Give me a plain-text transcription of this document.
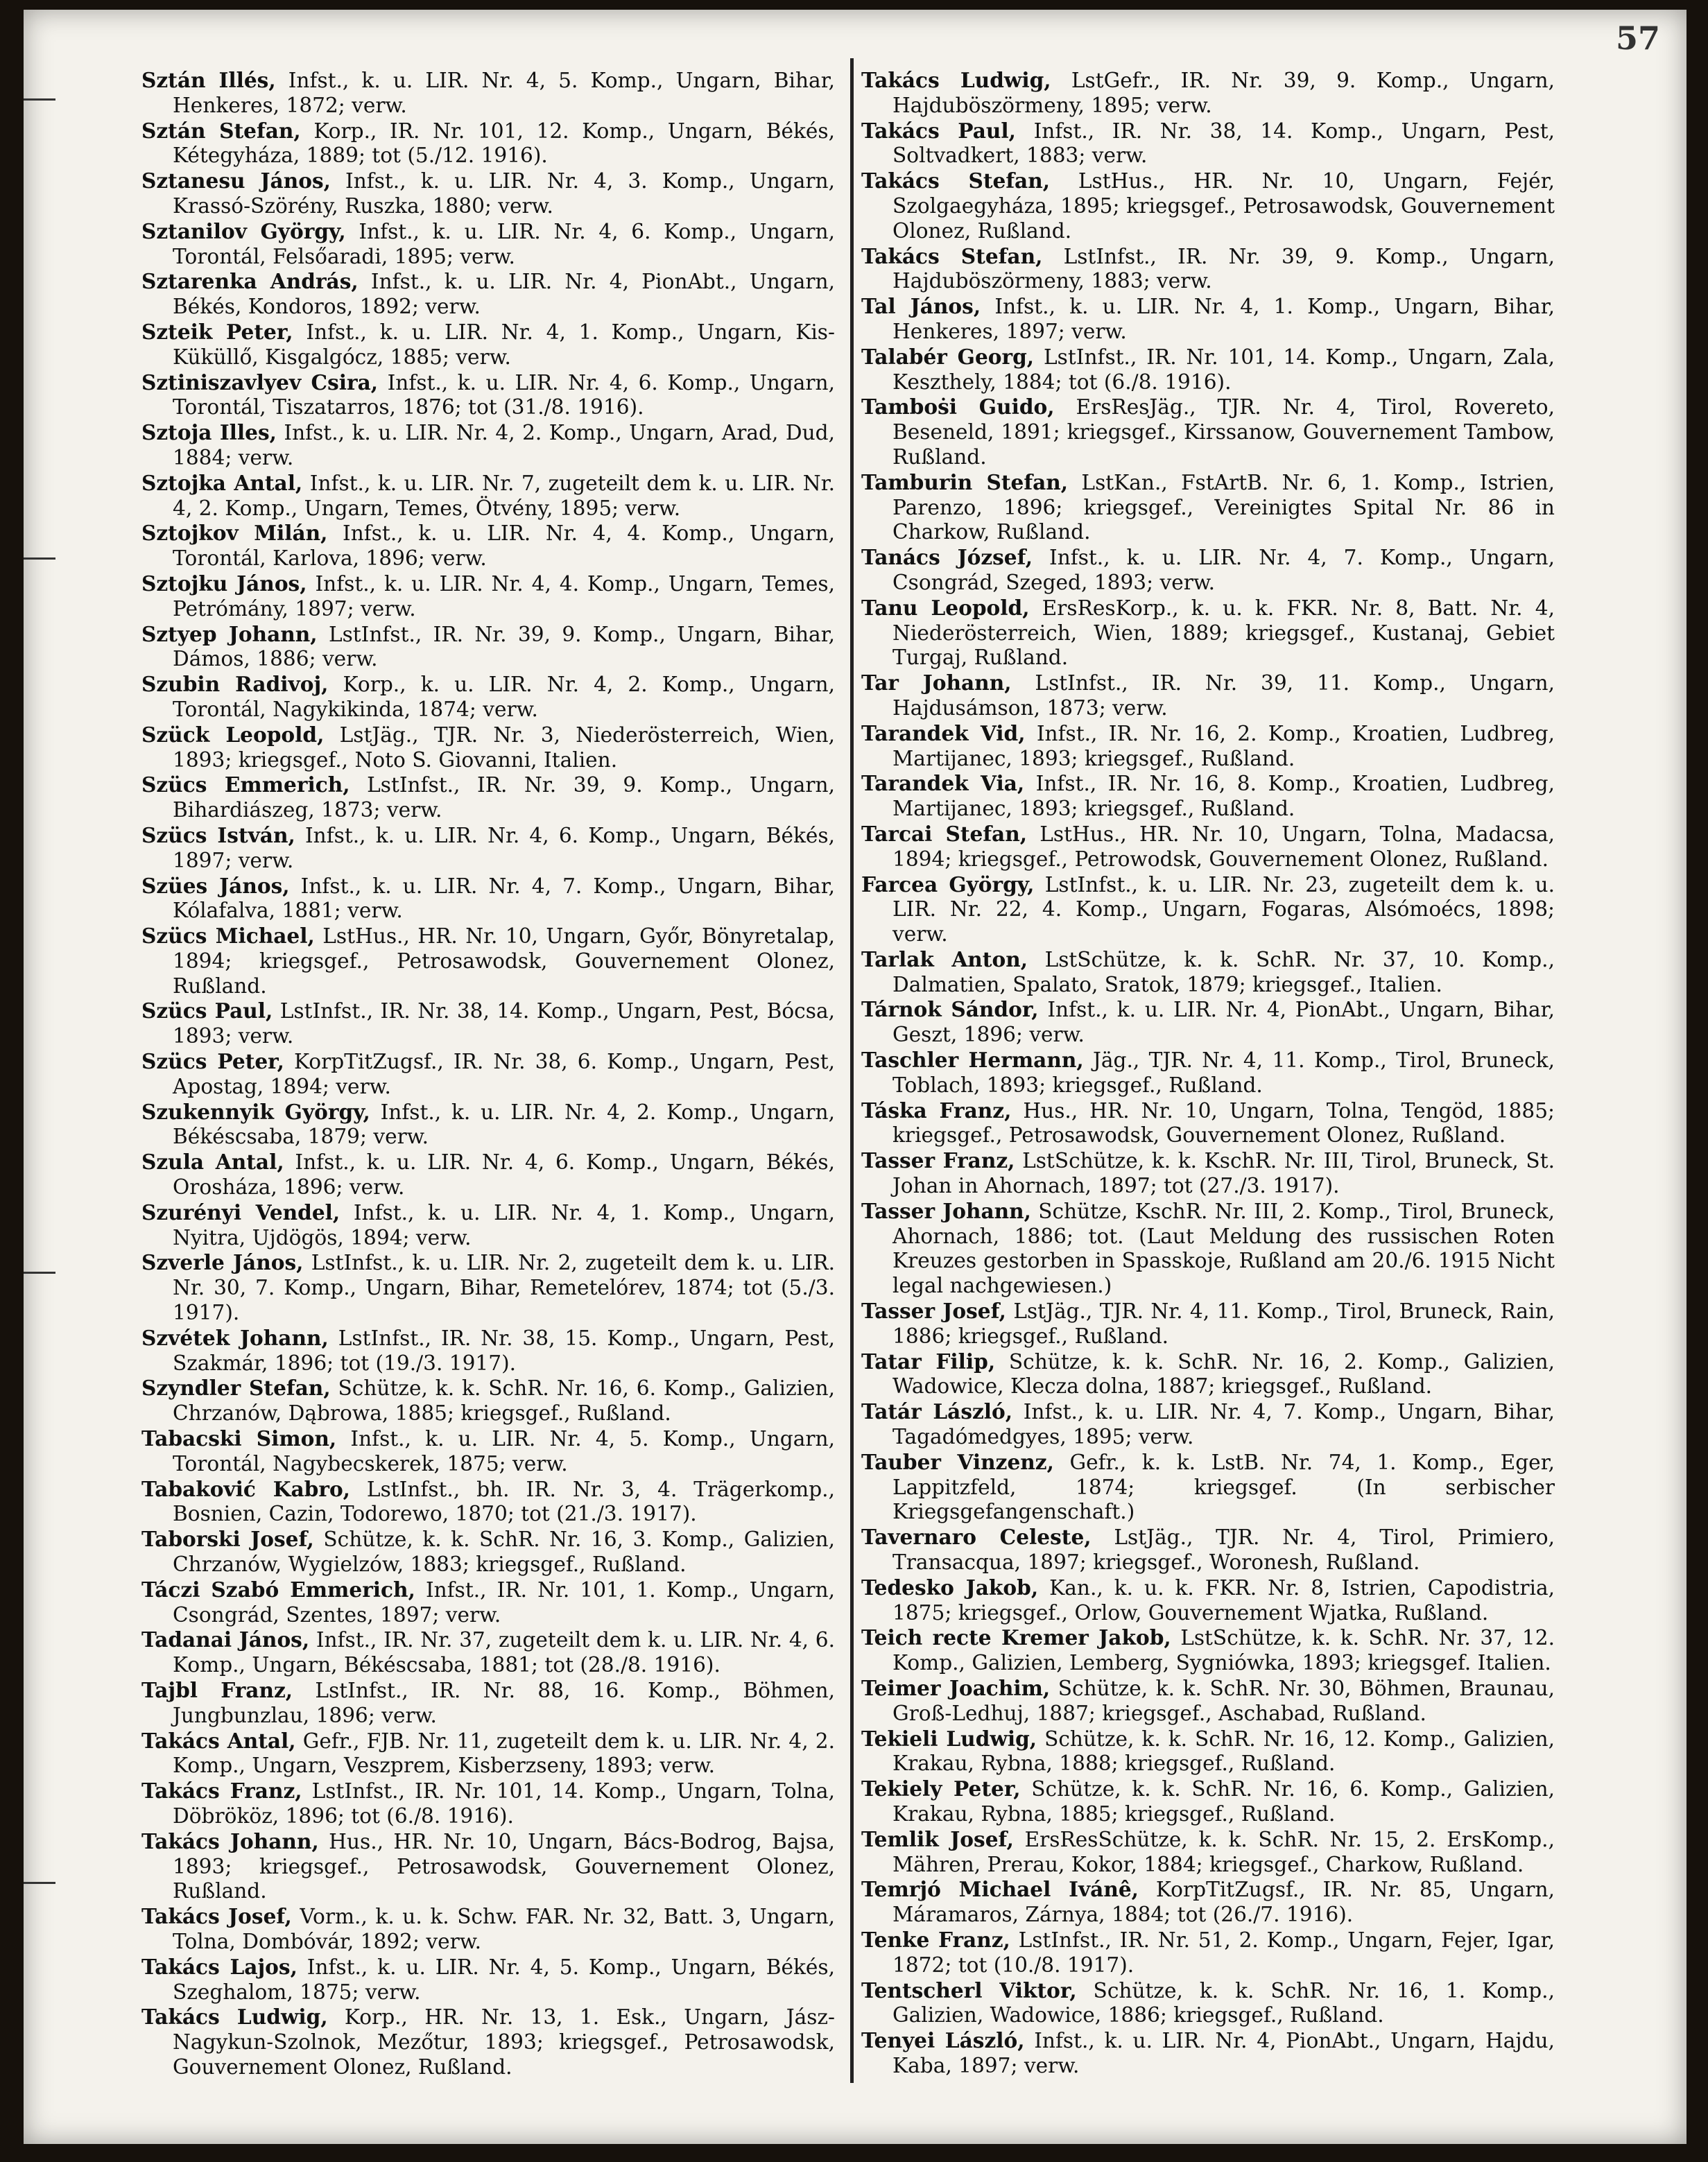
57

Sztán Illés, Infst., k. u. LIR. Nr. 4, 5. Komp., Ungarn, Bihar, Henkeres, 1872; verw.

Sztán Stefan, Korp., IR. Nr. 101, 12. Komp., Ungarn, Békés, Kétegyháza, 1889; tot (5./12. 1916).

Sztanesu János, Infst., k. u. LIR. Nr. 4, 3. Komp., Ungarn, Krassó-Szörény, Ruszka, 1880; verw.

Sztanilov György, Infst., k. u. LIR. Nr. 4, 6. Komp., Ungarn, Torontál, Felsőaradi, 1895; verw.

Sztarenka András, Infst., k. u. LIR. Nr. 4, PionAbt., Ungarn, Békés, Kondoros, 1892; verw.

Szteik Peter, Infst., k. u. LIR. Nr. 4, 1. Komp., Ungarn, Kis-Küküllő, Kisgalgócz, 1885; verw.

Sztiniszavlyev Csira, Infst., k. u. LIR. Nr. 4, 6. Komp., Ungarn, Torontál, Tiszatarros, 1876; tot (31./8. 1916).

Sztoja Illes, Infst., k. u. LIR. Nr. 4, 2. Komp., Ungarn, Arad, Dud, 1884; verw.

Sztojka Antal, Infst., k. u. LIR. Nr. 7, zugeteilt dem k. u. LIR. Nr. 4, 2. Komp., Ungarn, Temes, Ötvény, 1895; verw.

Sztojkov Milán, Infst., k. u. LIR. Nr. 4, 4. Komp., Ungarn, Torontál, Karlova, 1896; verw.

Sztojku János, Infst., k. u. LIR. Nr. 4, 4. Komp., Ungarn, Temes, Petrómány, 1897; verw.

Sztyep Johann, LstInfst., IR. Nr. 39, 9. Komp., Ungarn, Bihar, Dámos, 1886; verw.

Szubin Radivoj, Korp., k. u. LIR. Nr. 4, 2. Komp., Ungarn, Torontál, Nagykikinda, 1874; verw.

Szück Leopold, LstJäg., TJR. Nr. 3, Niederösterreich, Wien, 1893; kriegsgef., Noto S. Giovanni, Italien.

Szücs Emmerich, LstInfst., IR. Nr. 39, 9. Komp., Ungarn, Bihardiászeg, 1873; verw.

Szücs István, Infst., k. u. LIR. Nr. 4, 6. Komp., Ungarn, Békés, 1897; verw.

Szües János, Infst., k. u. LIR. Nr. 4, 7. Komp., Ungarn, Bihar, Kólafalva, 1881; verw.

Szücs Michael, LstHus., HR. Nr. 10, Ungarn, Győr, Bönyretalap, 1894; kriegsgef., Petrosawodsk, Gouvernement Olonez, Rußland.

Szücs Paul, LstInfst., IR. Nr. 38, 14. Komp., Ungarn, Pest, Bócsa, 1893; verw.

Szücs Peter, KorpTitZugsf., IR. Nr. 38, 6. Komp., Ungarn, Pest, Apostag, 1894; verw.

Szukennyik György, Infst., k. u. LIR. Nr. 4, 2. Komp., Ungarn, Békéscsaba, 1879; verw.

Szula Antal, Infst., k. u. LIR. Nr. 4, 6. Komp., Ungarn, Békés, Orosháza, 1896; verw.

Szurényi Vendel, Infst., k. u. LIR. Nr. 4, 1. Komp., Ungarn, Nyitra, Ujdögös, 1894; verw.

Szverle János, LstInfst., k. u. LIR. Nr. 2, zugeteilt dem k. u. LIR. Nr. 30, 7. Komp., Ungarn, Bihar, Remetelórev, 1874; tot (5./3. 1917).

Szvétek Johann, LstInfst., IR. Nr. 38, 15. Komp., Ungarn, Pest, Szakmár, 1896; tot (19./3. 1917).

Szyndler Stefan, Schütze, k. k. SchR. Nr. 16, 6. Komp., Galizien, Chrzanów, Dąbrowa, 1885; kriegsgef., Rußland.

Tabacski Simon, Infst., k. u. LIR. Nr. 4, 5. Komp., Ungarn, Torontál, Nagybecskerek, 1875; verw.

Tabaković Kabro, LstInfst., bh. IR. Nr. 3, 4. Trägerkomp., Bosnien, Cazin, Todorewo, 1870; tot (21./3. 1917).

Taborski Josef, Schütze, k. k. SchR. Nr. 16, 3. Komp., Galizien, Chrzanów, Wygielzów, 1883; kriegsgef., Rußland.

Táczi Szabó Emmerich, Infst., IR. Nr. 101, 1. Komp., Ungarn, Csongrád, Szentes, 1897; verw.

Tadanai János, Infst., IR. Nr. 37, zugeteilt dem k. u. LIR. Nr. 4, 6. Komp., Ungarn, Békéscsaba, 1881; tot (28./8. 1916).

Tajbl Franz, LstInfst., IR. Nr. 88, 16. Komp., Böhmen, Jungbunzlau, 1896; verw.

Takács Antal, Gefr., FJB. Nr. 11, zugeteilt dem k. u. LIR. Nr. 4, 2. Komp., Ungarn, Veszprem, Kisberzseny, 1893; verw.

Takács Franz, LstInfst., IR. Nr. 101, 14. Komp., Ungarn, Tolna, Döbrököz, 1896; tot (6./8. 1916).

Takács Johann, Hus., HR. Nr. 10, Ungarn, Bács-Bodrog, Bajsa, 1893; kriegsgef., Petrosawodsk, Gouvernement Olonez, Rußland.

Takács Josef, Vorm., k. u. k. Schw. FAR. Nr. 32, Batt. 3, Ungarn, Tolna, Dombóvár, 1892; verw.

Takács Lajos, Infst., k. u. LIR. Nr. 4, 5. Komp., Ungarn, Békés, Szeghalom, 1875; verw.

Takács Ludwig, Korp., HR. Nr. 13, 1. Esk., Ungarn, Jász-Nagykun-Szolnok, Mezőtur, 1893; kriegsgef., Petrosawodsk, Gouvernement Olonez, Rußland.

Takács Ludwig, LstGefr., IR. Nr. 39, 9. Komp., Ungarn, Hajduböszörmeny, 1895; verw.

Takács Paul, Infst., IR. Nr. 38, 14. Komp., Ungarn, Pest, Soltvadkert, 1883; verw.

Takács Stefan, LstHus., HR. Nr. 10, Ungarn, Fejér, Szolgaegyháza, 1895; kriegsgef., Petrosawodsk, Gouvernement Olonez, Rußland.

Takács Stefan, LstInfst., IR. Nr. 39, 9. Komp., Ungarn, Hajduböszörmeny, 1883; verw.

Tal János, Infst., k. u. LIR. Nr. 4, 1. Komp., Ungarn, Bihar, Henkeres, 1897; verw.

Talabér Georg, LstInfst., IR. Nr. 101, 14. Komp., Ungarn, Zala, Keszthely, 1884; tot (6./8. 1916).

Tamboṡi Guido, ErsResJäg., TJR. Nr. 4, Tirol, Rovereto, Beseneld, 1891; kriegsgef., Kirssanow, Gouvernement Tambow, Rußland.

Tamburin Stefan, LstKan., FstArtB. Nr. 6, 1. Komp., Istrien, Parenzo, 1896; kriegsgef., Vereinigtes Spital Nr. 86 in Charkow, Rußland.

Tanács József, Infst., k. u. LIR. Nr. 4, 7. Komp., Ungarn, Csongrád, Szeged, 1893; verw.

Tanu Leopold, ErsResKorp., k. u. k. FKR. Nr. 8, Batt. Nr. 4, Niederösterreich, Wien, 1889; kriegsgef., Kustanaj, Gebiet Turgaj, Rußland.

Tar Johann, LstInfst., IR. Nr. 39, 11. Komp., Ungarn, Hajdusámson, 1873; verw.

Tarandek Vid, Infst., IR. Nr. 16, 2. Komp., Kroatien, Ludbreg, Martijanec, 1893; kriegsgef., Rußland.

Tarandek Via, Infst., IR. Nr. 16, 8. Komp., Kroatien, Ludbreg, Martijanec, 1893; kriegsgef., Rußland.

Tarcai Stefan, LstHus., HR. Nr. 10, Ungarn, Tolna, Madacsa, 1894; kriegsgef., Petrowodsk, Gouvernement Olonez, Rußland.

Farcea György, LstInfst., k. u. LIR. Nr. 23, zugeteilt dem k. u. LIR. Nr. 22, 4. Komp., Ungarn, Fogaras, Alsómoécs, 1898; verw.

Tarlak Anton, LstSchütze, k. k. SchR. Nr. 37, 10. Komp., Dalmatien, Spalato, Sratok, 1879; kriegsgef., Italien.

Tárnok Sándor, Infst., k. u. LIR. Nr. 4, PionAbt., Ungarn, Bihar, Geszt, 1896; verw.

Taschler Hermann, Jäg., TJR. Nr. 4, 11. Komp., Tirol, Bruneck, Toblach, 1893; kriegsgef., Rußland.

Táska Franz, Hus., HR. Nr. 10, Ungarn, Tolna, Tengöd, 1885; kriegsgef., Petrosawodsk, Gouvernement Olonez, Rußland.

Tasser Franz, LstSchütze, k. k. KschR. Nr. III, Tirol, Bruneck, St. Johan in Ahornach, 1897; tot (27./3. 1917).

Tasser Johann, Schütze, KschR. Nr. III, 2. Komp., Tirol, Bruneck, Ahornach, 1886; tot. (Laut Meldung des russischen Roten Kreuzes gestorben in Spasskoje, Rußland am 20./6. 1915 Nicht legal nachgewiesen.)

Tasser Josef, LstJäg., TJR. Nr. 4, 11. Komp., Tirol, Bruneck, Rain, 1886; kriegsgef., Rußland.

Tatar Filip, Schütze, k. k. SchR. Nr. 16, 2. Komp., Galizien, Wadowice, Klecza dolna, 1887; kriegsgef., Rußland.

Tatár László, Infst., k. u. LIR. Nr. 4, 7. Komp., Ungarn, Bihar, Tagadómedgyes, 1895; verw.

Tauber Vinzenz, Gefr., k. k. LstB. Nr. 74, 1. Komp., Eger, Lappitzfeld, 1874; kriegsgef. (In serbischer Kriegsgefangenschaft.)

Tavernaro Celeste, LstJäg., TJR. Nr. 4, Tirol, Primiero, Transacqua, 1897; kriegsgef., Woronesh, Rußland.

Tedesko Jakob, Kan., k. u. k. FKR. Nr. 8, Istrien, Capodistria, 1875; kriegsgef., Orlow, Gouvernement Wjatka, Rußland.

Teich recte Kremer Jakob, LstSchütze, k. k. SchR. Nr. 37, 12. Komp., Galizien, Lemberg, Sygniówka, 1893; kriegsgef. Italien.

Teimer Joachim, Schütze, k. k. SchR. Nr. 30, Böhmen, Braunau, Groß-Ledhuj, 1887; kriegsgef., Aschabad, Rußland.

Tekieli Ludwig, Schütze, k. k. SchR. Nr. 16, 12. Komp., Galizien, Krakau, Rybna, 1888; kriegsgef., Rußland.

Tekiely Peter, Schütze, k. k. SchR. Nr. 16, 6. Komp., Galizien, Krakau, Rybna, 1885; kriegsgef., Rußland.

Temlik Josef, ErsResSchütze, k. k. SchR. Nr. 15, 2. ErsKomp., Mähren, Prerau, Kokor, 1884; kriegsgef., Charkow, Rußland.

Temrjó Michael Ivánê, KorpTitZugsf., IR. Nr. 85, Ungarn, Máramaros, Zárnya, 1884; tot (26./7. 1916).

Tenke Franz, LstInfst., IR. Nr. 51, 2. Komp., Ungarn, Fejer, Igar, 1872; tot (10./8. 1917).

Tentscherl Viktor, Schütze, k. k. SchR. Nr. 16, 1. Komp., Galizien, Wadowice, 1886; kriegsgef., Rußland.

Tenyei László, Infst., k. u. LIR. Nr. 4, PionAbt., Ungarn, Hajdu, Kaba, 1897; verw.
